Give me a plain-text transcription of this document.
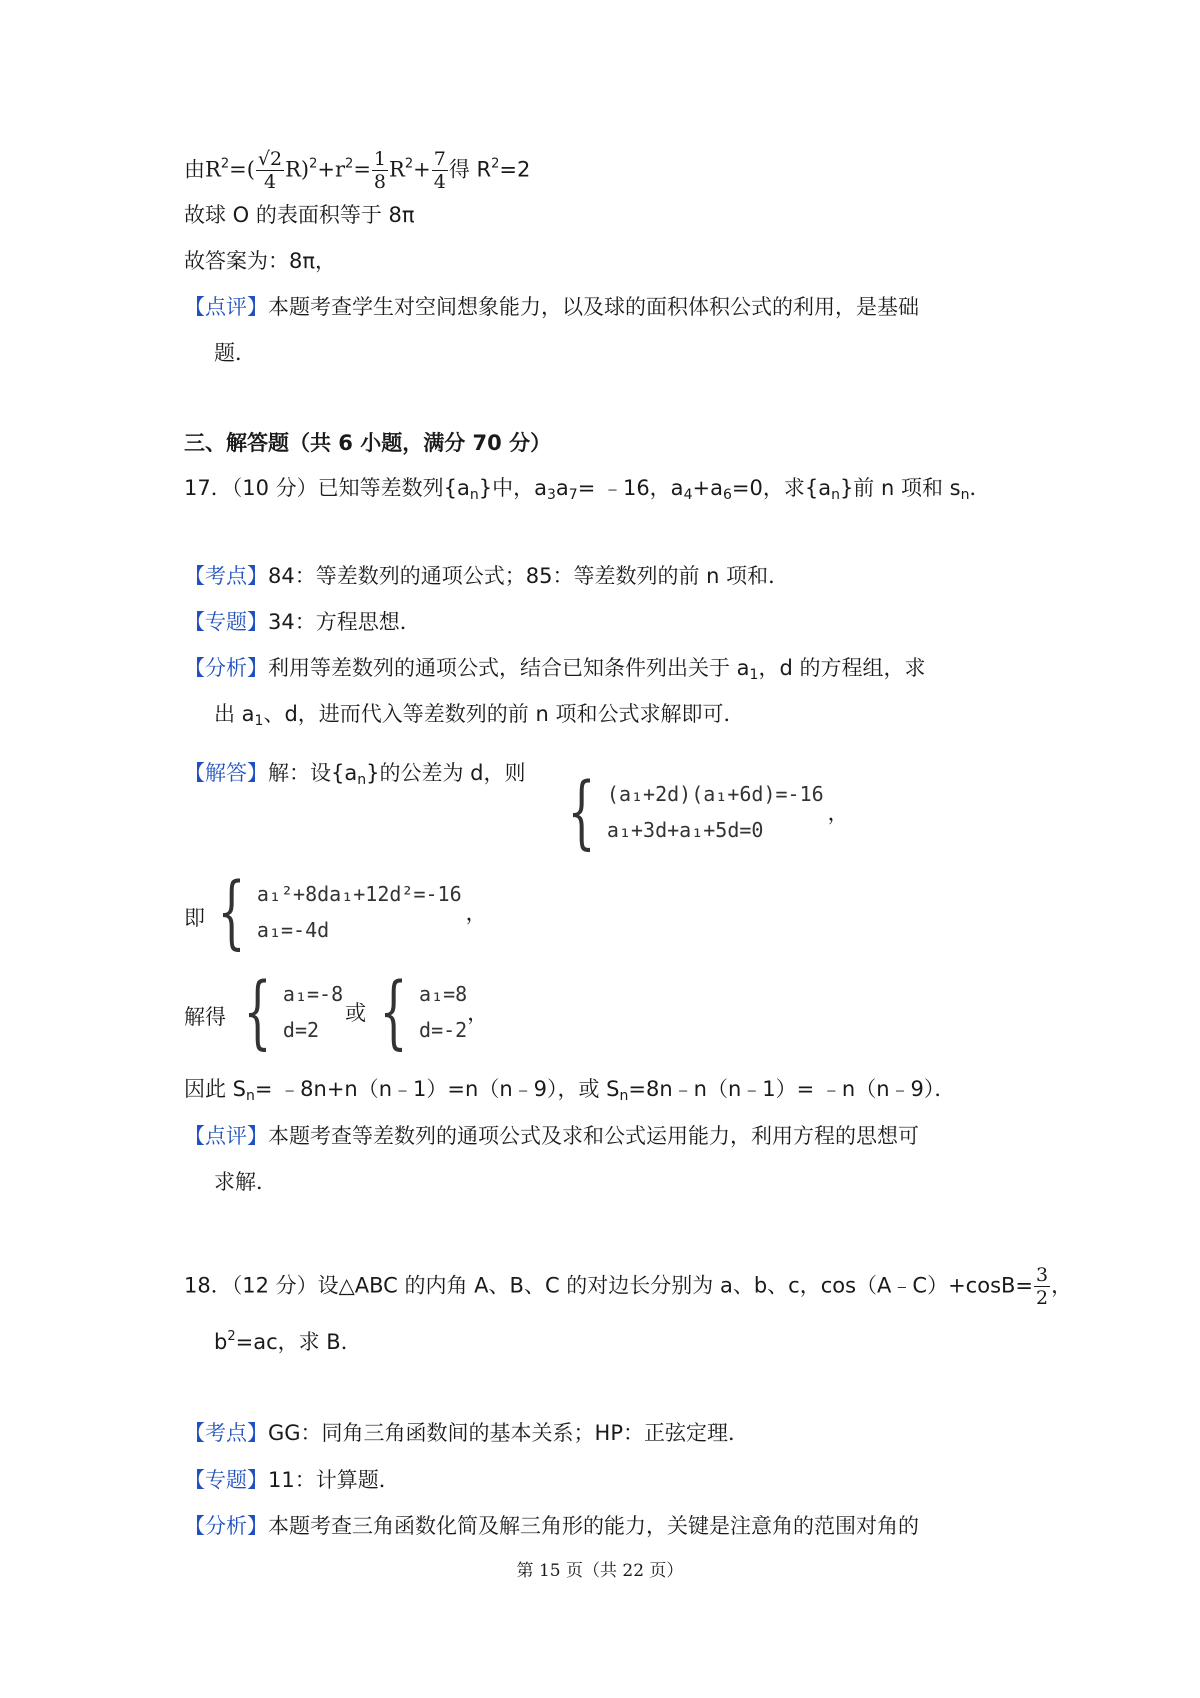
由$R^2=( \frac{√2}{4} R)^2+r^2= \frac{1}{8} R^2+ \frac{7}{4}$ 得 $R^2=2$
故球 O 的表面积等于 8π
故答案为：8π，
【点评】本题考查学生对空间想象能力，以及球的面积体积公式的利用，是基础
题．
三、解答题（共 6 小题，满分 70 分）
17．（10 分）已知等差数列$\{a_n\}$中，$a_3a_7=$ ﹣16，$a_4+a_6=0$，求$\{a_n\}$前 n 项和 $s_n$．
【考点】84：等差数列的通项公式；85：等差数列的前 n 项和．
【专题】34：方程思想．
【分析】利用等差数列的通项公式，结合已知条件列出关于 $a_1$，d 的方程组，求
出 $a_1$、d，进而代入等差数列的前 n 项和公式求解即可．
【解答】解：设$\{a_n\}$的公差为 d，则 { (a₁+2d)(a₁+6d)=-16
a₁+3d+a₁+5d=0
，
即 { a₁²+8da₁+12d²=-16
a₁=-4d
，
解得 { a₁=-8
d=2
或 { a₁=8
d=-2
，
因此 $S_n=$ ﹣8n+n（n﹣1）=n（n﹣9），或 $S_n=8n﹣n(n﹣1)=$ ﹣n（n﹣9）．
【点评】本题考查等差数列的通项公式及求和公式运用能力，利用方程的思想可
求解．
18．（12 分）设△ABC 的内角 A、B、C 的对边长分别为 a、b、c，cos（A﹣C）+cosB= $\frac{3}{2}$ ，
$b^2=ac$，求 B．
【考点】GG：同角三角函数间的基本关系；HP：正弦定理．
【专题】11：计算题．
【分析】本题考查三角函数化简及解三角形的能力，关键是注意角的范围对角的
第 15 页（共 22 页）
